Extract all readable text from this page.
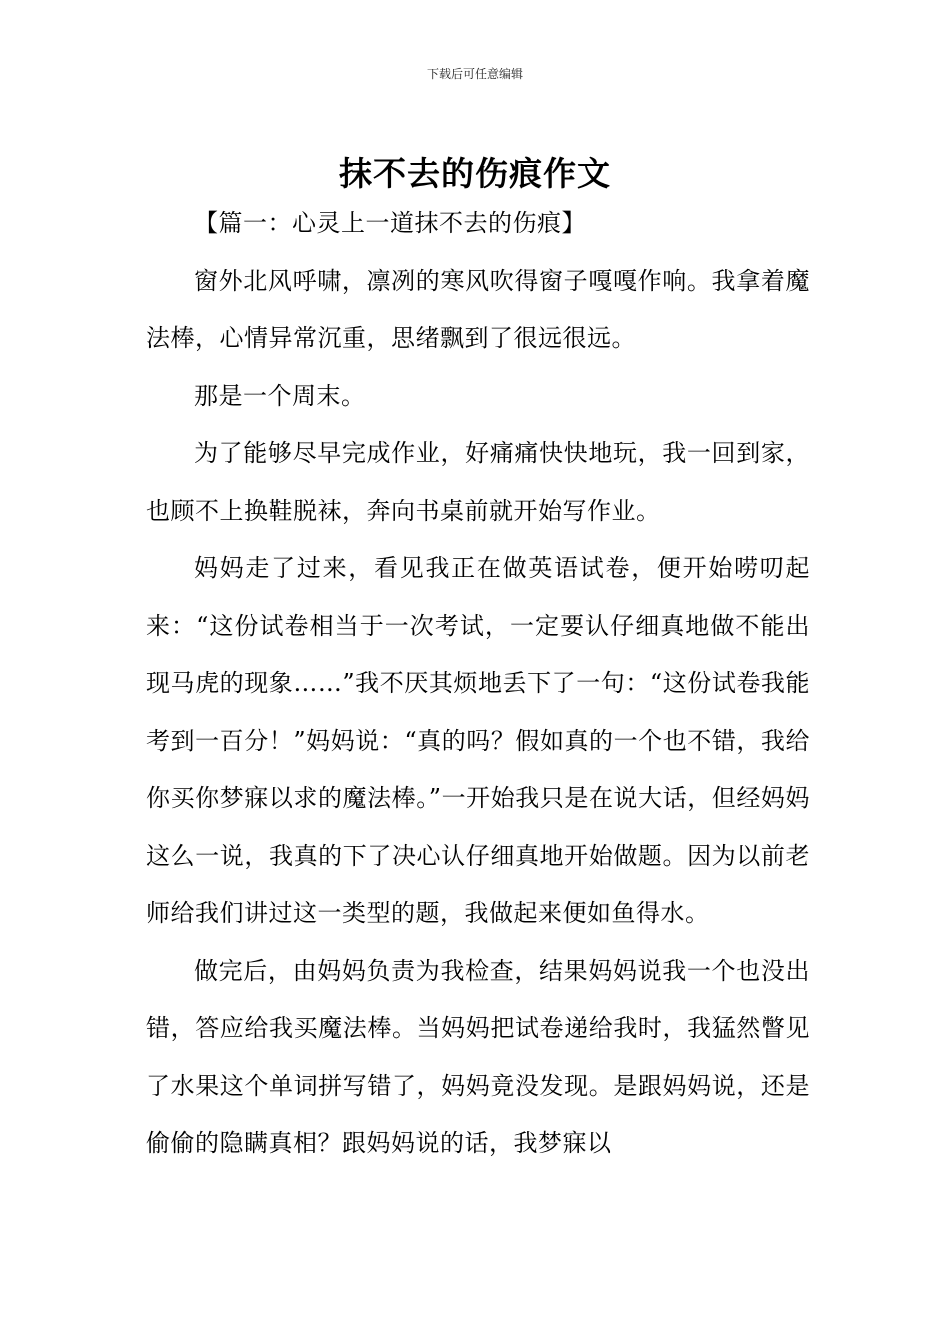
下载后可任意编辑
抹不去的伤痕作文

【篇一：心灵上一道抹不去的伤痕】

窗外北风呼啸，凛冽的寒风吹得窗子嘎嘎作响。我拿着魔法棒，心情异常沉重，思绪飘到了很远很远。

那是一个周末。

为了能够尽早完成作业，好痛痛快快地玩，我一回到家，也顾不上换鞋脱袜，奔向书桌前就开始写作业。

妈妈走了过来，看见我正在做英语试卷，便开始唠叨起来：“这份试卷相当于一次考试，一定要认仔细真地做不能出现马虎的现象……”我不厌其烦地丢下了一句：“这份试卷我能考到一百分！”妈妈说：“真的吗？假如真的一个也不错，我给你买你梦寐以求的魔法棒。”一开始我只是在说大话，但经妈妈这么一说，我真的下了决心认仔细真地开始做题。因为以前老师给我们讲过这一类型的题，我做起来便如鱼得水。

做完后，由妈妈负责为我检查，结果妈妈说我一个也没出错，答应给我买魔法棒。当妈妈把试卷递给我时，我猛然瞥见了水果这个单词拼写错了，妈妈竟没发现。是跟妈妈说，还是偷偷的隐瞒真相？跟妈妈说的话，我梦寐以
